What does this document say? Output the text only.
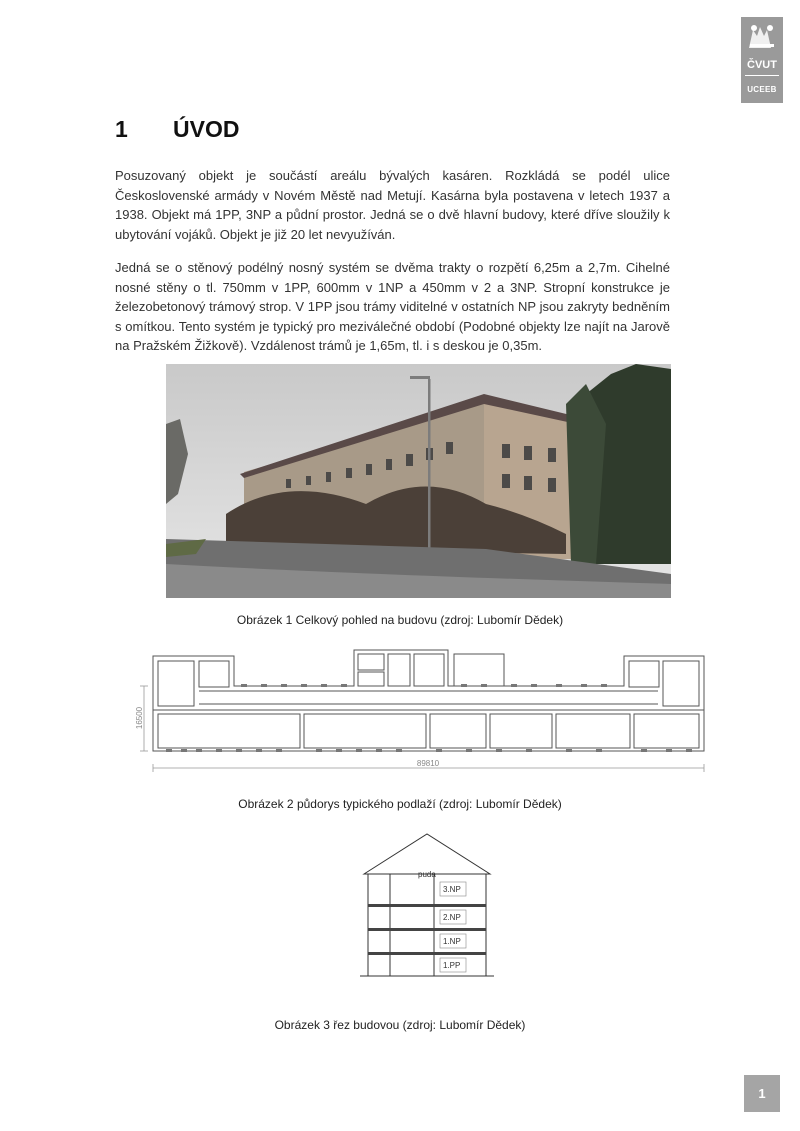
ČVUT
UCEEB
1 ÚVOD

Posuzovaný objekt je součástí areálu bývalých kasáren. Rozkládá se podél ulice Československé armády v Novém Městě nad Metují. Kasárna byla postavena v letech 1937 a 1938. Objekt má 1PP, 3NP a půdní prostor. Jedná se o dvě hlavní budovy, které dříve sloužily k ubytování vojáků. Objekt je již 20 let nevyužíván.

Jedná se o stěnový podélný nosný systém se dvěma trakty o rozpětí 6,25m a 2,7m. Cihelné nosné stěny o tl. 750mm v 1PP, 600mm v 1NP a 450mm v 2 a 3NP. Stropní konstrukce je železobetonový trámový strop. V 1PP jsou trámy viditelné v ostatních NP jsou zakryty bedněním s omítkou. Tento systém je typický pro meziválečné období (Podobné objekty lze najít na Jarově na Pražském Žižkově). Vzdálenost trámů je 1,65m, tl. i s deskou je 0,35m.

Obrázek 1 Celkový pohled na budovu (zdroj: Lubomír Dědek)
89810
16500
Obrázek 2 půdorys typického podlaží (zdroj: Lubomír Dědek)
puda
3.NP
2.NP
1.NP
1.PP
Obrázek 3 řez budovou (zdroj: Lubomír Dědek)
1
